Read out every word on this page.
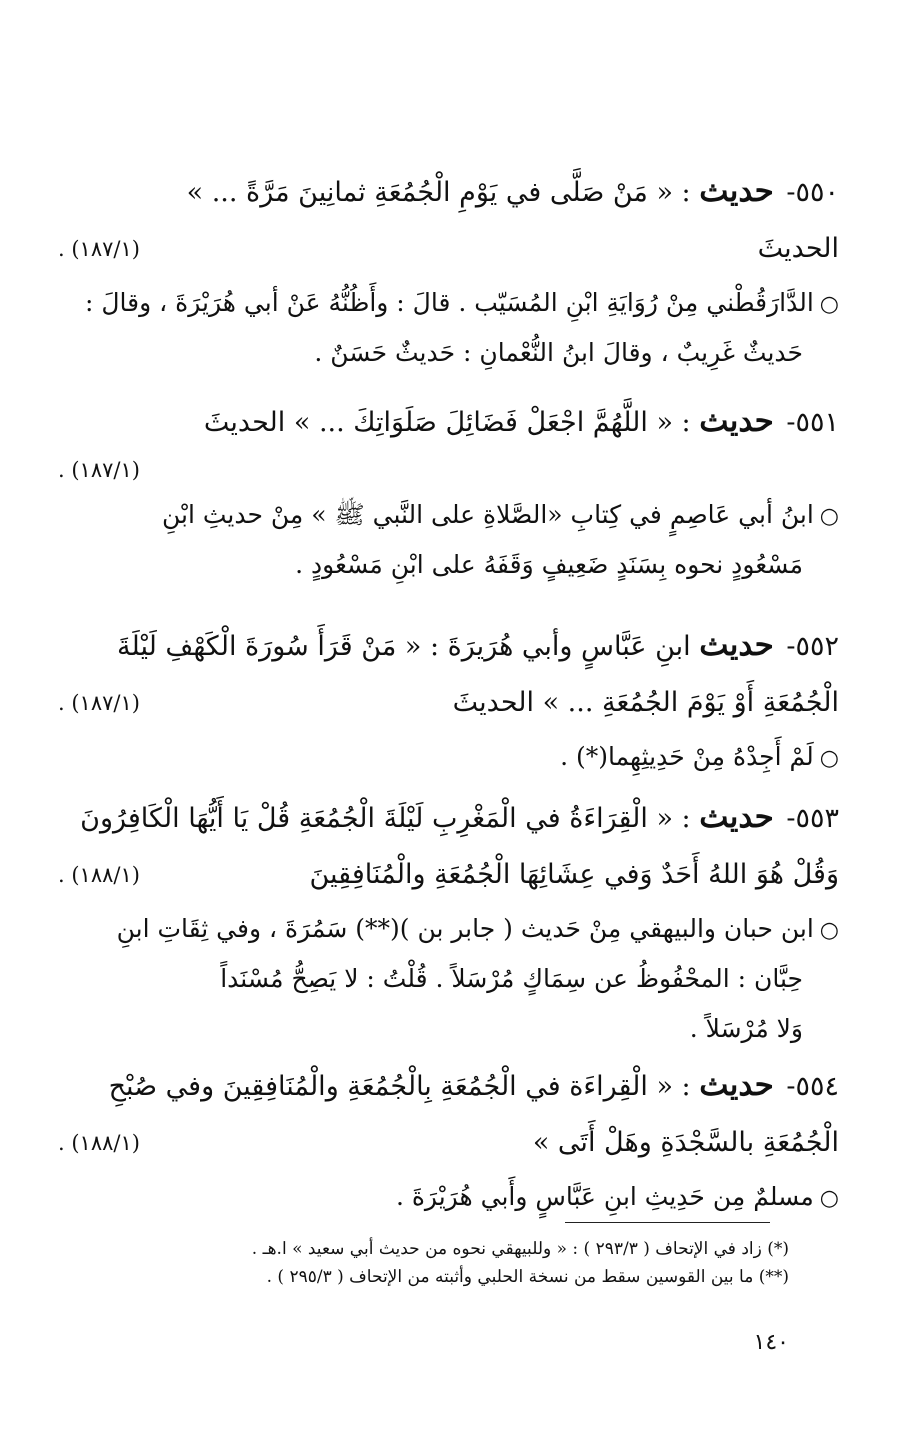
٥٥٠- حديث : « مَنْ صَلَّى في يَوْمِ الْجُمُعَةِ ثمانِينَ مَرَّةً ... »
الحديثَ
. (١٨٧/١)
○الدَّارَقُطْني مِنْ رُوَايَةِ ابْنِ المُسَيّب . قالَ : وأَظُنُّهُ عَنْ أبي هُرَيْرَةَ ، وقالَ :
حَديثٌ غَرِيبٌ ، وقالَ ابنُ النُّعْمانِ : حَديثٌ حَسَنٌ .
٥٥١- حديث : « اللَّهُمَّ اجْعَلْ فَضَائِلَ صَلَوَاتِكَ ... » الحديثَ
. (١٨٧/١)
○ابنُ أبي عَاصِمٍ في كِتابِ «الصَّلاةِ على النَّبي ﷺ » مِنْ حديثِ ابْنِ
مَسْعُودٍ نحوه بِسَنَدٍ ضَعِيفٍ وَقَفَهُ على ابْنِ مَسْعُودٍ .
٥٥٢- حديث ابنِ عَبَّاسٍ وأبي هُرَيرَةَ : « مَنْ قَرَأَ سُورَةَ الْكَهْفِ لَيْلَةَ
الْجُمُعَةِ أَوْ يَوْمَ الجُمُعَةِ ... » الحديثَ
. (١٨٧/١)
○لَمْ أَجِدْهُ مِنْ حَدِيثِهِما(*) .
٥٥٣- حديث : « الْقِرَاءَةُ في الْمَغْرِبِ لَيْلَةَ الْجُمُعَةِ قُلْ يَا أَيُّهَا الْكَافِرُونَ
وَقُلْ هُوَ اللهُ أَحَدٌ وَفي عِشَائِهَا الْجُمُعَةِ والْمُنَافِقِينَ
. (١٨٨/١)
○ابن حبان والبيهقي مِنْ حَديث ( جابر بن )(**) سَمُرَةَ ، وفي ثِقَاتِ ابنِ
حِبَّان : المحْفُوظُ عن سِمَاكٍ مُرْسَلاً . قُلْتُ : لا يَصِحُّ مُسْنَداً
وَلا مُرْسَلاً .
٥٥٤- حديث : « الْقِراءَة في الْجُمُعَةِ بِالْجُمُعَةِ والْمُنَافِقِينَ وفي صُبْحِ
الْجُمُعَةِ بالسَّجْدَةِ وهَلْ أَتَى »
. (١٨٨/١)
○مسلمٌ مِن حَدِيثِ ابنِ عَبَّاسٍ وأَبي هُرَيْرَةَ .
(*) زاد في الإتحاف ( ٢٩٣/٣ ) : « وللبيهقي نحوه من حديث أبي سعيد » ا.هـ .
(**) ما بين القوسين سقط من نسخة الحلبي وأثبته من الإتحاف ( ٢٩٥/٣ ) .
١٤٠
